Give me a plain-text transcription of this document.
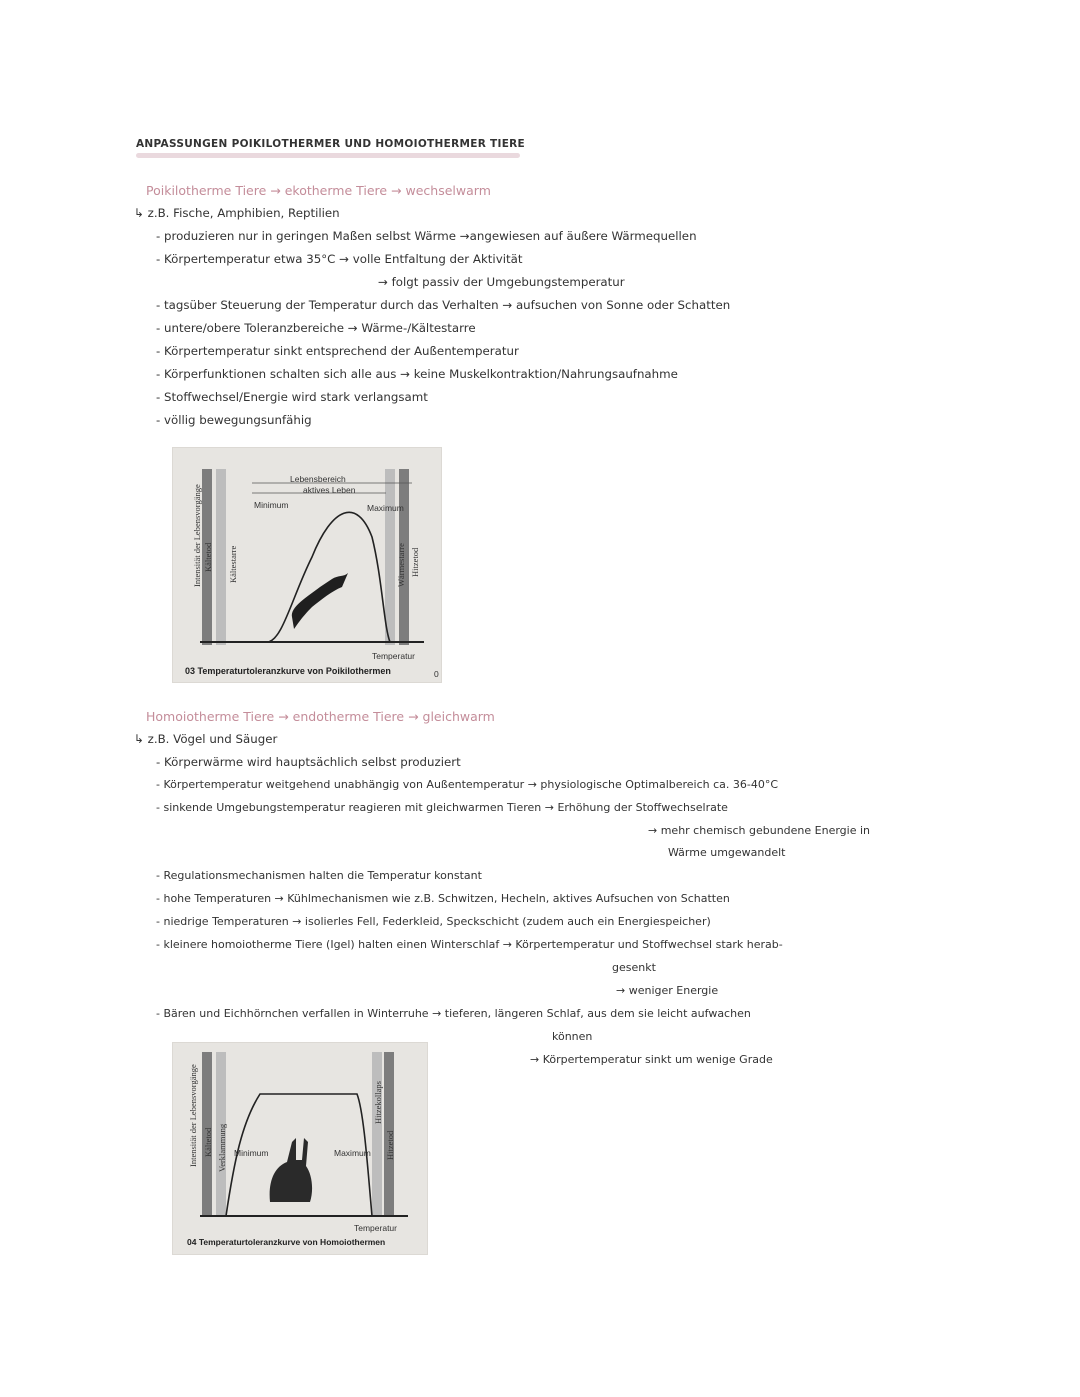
ANPASSUNGEN POIKILOTHERMER UND HOMOIOTHERMER TIERE
Poikilotherme Tiere → ekotherme Tiere → wechselwarm
↳ z.B. Fische, Amphibien, Reptilien
- produzieren nur in geringen Maßen selbst Wärme →angewiesen auf äußere Wärmequellen
- Körpertemperatur etwa 35°C → volle Entfaltung der Aktivität
→ folgt passiv der Umgebungstemperatur
- tagsüber Steuerung der Temperatur durch das Verhalten → aufsuchen von Sonne oder Schatten
- untere/obere Toleranzbereiche → Wärme-/Kältestarre
- Körpertemperatur sinkt entsprechend der Außentemperatur
- Körperfunktionen schalten sich alle aus → keine Muskelkontraktion/Nahrungsaufnahme
- Stoffwechsel/Energie wird stark verlangsamt
- völlig bewegungsunfähig
Lebensbereich
aktives Leben
Minimum	Maximum
Intensität der Lebensvorgänge Kältetod Kältestarre	Wärmestarre Hitzetod
Temperatur
0
03 Temperaturtoleranzkurve von Poikilothermen
Homoiotherme Tiere → endotherme Tiere → gleichwarm
↳ z.B. Vögel und Säuger
- Körperwärme wird hauptsächlich selbst produziert
- Körpertemperatur weitgehend unabhängig von Außentemperatur → physiologische Optimalbereich ca. 36-40°C
- sinkende Umgebungstemperatur reagieren mit gleichwarmen Tieren → Erhöhung der Stoffwechselrate
→ mehr chemisch gebundene Energie in
Wärme umgewandelt
- Regulationsmechanismen halten die Temperatur konstant
- hohe Temperaturen → Kühlmechanismen wie z.B. Schwitzen, Hecheln, aktives Aufsuchen von Schatten
- niedrige Temperaturen → isolierles Fell, Federkleid, Speckschicht (zudem auch ein Energiespeicher)
- kleinere homoiotherme Tiere (Igel) halten einen Winterschlaf → Körpertemperatur und Stoffwechsel stark herab-
gesenkt
→ weniger Energie
- Bären und Eichhörnchen verfallen in Winterruhe → tieferen, längeren Schlaf, aus dem sie leicht aufwachen
können
→ Körpertemperatur sinkt um wenige Grade
Intensität der Lebensvorgänge Kältetod Verklammung Minimum	Maximum
Hitzekollaps
Hitzetod
Temperatur
04 Temperaturtoleranzkurve von Homoiothermen
